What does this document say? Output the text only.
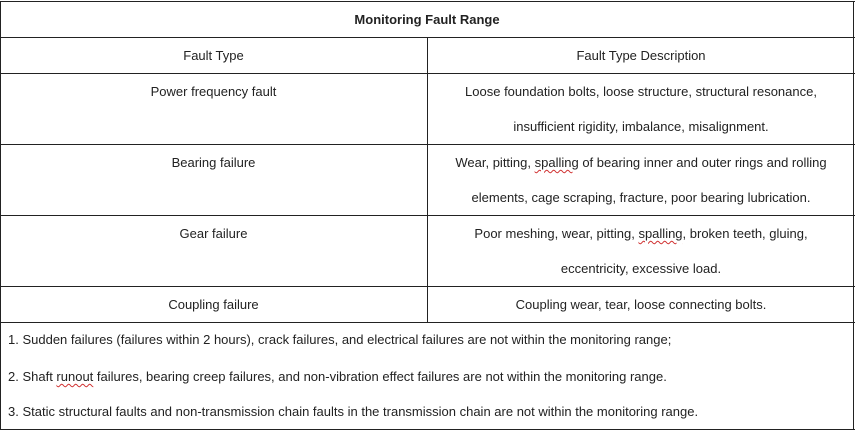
Monitoring Fault Range
Fault Type	Fault Type Description
Power frequency fault	Loose foundation bolts, loose structure, structural resonance,
insufficient rigidity, imbalance, misalignment.
Bearing failure	Wear, pitting, spalling of bearing inner and outer rings and rolling
elements, cage scraping, fracture, poor bearing lubrication.
Gear failure	Poor meshing, wear, pitting, spalling, broken teeth, gluing,
eccentricity, excessive load.
Coupling failure	Coupling wear, tear, loose connecting bolts.
1. Sudden failures (failures within 2 hours), crack failures, and electrical failures are not within the monitoring range;
2. Shaft runout failures, bearing creep failures, and non-vibration effect failures are not within the monitoring range.
3. Static structural faults and non-transmission chain faults in the transmission chain are not within the monitoring range.
